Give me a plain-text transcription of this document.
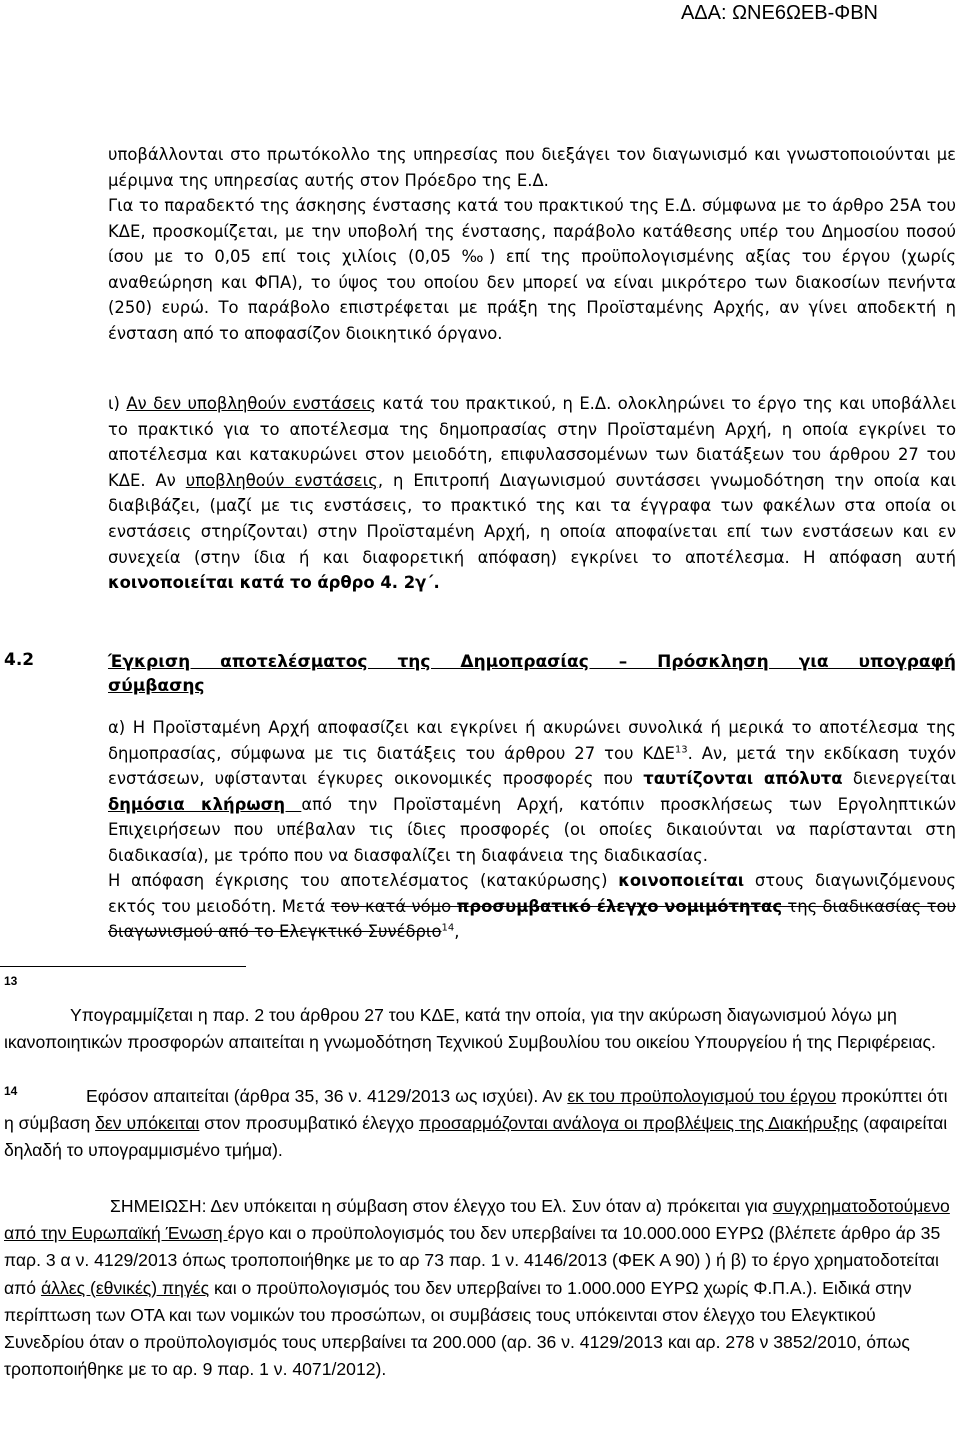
ΑΔΑ: ΩΝΕ6ΩΕΒ-ΦΒΝ

υποβάλλονται στο πρωτόκολλο της υπηρεσίας που διεξάγει τον διαγωνισμό και γνωστοποιούνται με μέριμνα της υπηρεσίας αυτής στον Πρόεδρο της Ε.Δ.

Για το παραδεκτό της άσκησης ένστασης κατά του πρακτικού της Ε.Δ. σύμφωνα με το άρθρο 25Α του ΚΔΕ, προσκομίζεται, με την υποβολή της ένστασης, παράβολο κατάθεσης υπέρ του Δημοσίου ποσού ίσου με το 0,05 επί τοις χιλίοις (0,05 ‰) επί της προϋπολογισμένης αξίας του έργου (χωρίς αναθεώρηση και ΦΠΑ), το ύψος του οποίου δεν μπορεί να είναι μικρότερο των διακοσίων πενήντα (250) ευρώ. Το παράβολο επιστρέφεται με πράξη της Προϊσταμένης Αρχής, αν γίνει αποδεκτή η ένσταση από το αποφασίζον διοικητικό όργανο.

ι) Αν δεν υποβληθούν ενστάσεις κατά του πρακτικού, η Ε.Δ. ολοκληρώνει το έργο της και υποβάλλει το πρακτικό για το αποτέλεσμα της δημοπρασίας στην Προϊσταμένη Αρχή, η οποία εγκρίνει το αποτέλεσμα και κατακυρώνει στον μειοδότη, επιφυλασσομένων των διατάξεων του άρθρου 27 του ΚΔΕ. Αν υποβληθούν ενστάσεις, η Επιτροπή Διαγωνισμού συντάσσει γνωμοδότηση την οποία και διαβιβάζει, (μαζί με τις ενστάσεις, το πρακτικό της και τα έγγραφα των φακέλων στα οποία οι ενστάσεις στηρίζονται) στην Προϊσταμένη Αρχή, η οποία αποφαίνεται επί των ενστάσεων και εν συνεχεία (στην ίδια ή και διαφορετική απόφαση) εγκρίνει το αποτέλεσμα. Η απόφαση αυτή κοινοποιείται κατά το άρθρο 4. 2γ΄.

4.2	Έγκριση αποτελέσματος της Δημοπρασίας – Πρόσκληση για υπογραφή
σύμβασης

α) Η Προϊσταμένη Αρχή αποφασίζει και εγκρίνει ή ακυρώνει συνολικά ή μερικά το αποτέλεσμα της δημοπρασίας, σύμφωνα με τις διατάξεις του άρθρου 27 του ΚΔΕ$^{13}$. Αν, μετά την εκδίκαση τυχόν ενστάσεων, υφίστανται έγκυρες οικονομικές προσφορές που ταυτίζονται απόλυτα διενεργείται δημόσια κλήρωση από την Προϊσταμένη Αρχή, κατόπιν προσκλήσεως των Εργοληπτικών Επιχειρήσεων που υπέβαλαν τις ίδιες προσφορές (οι οποίες δικαιούνται να παρίστανται στη διαδικασία), με τρόπο που να διασφαλίζει τη διαφάνεια της διαδικασίας.

Η απόφαση έγκρισης του αποτελέσματος (κατακύρωσης) κοινοποιείται στους διαγωνιζόμενους εκτός του μειοδότη. Μετά τον κατά νόμο προσυμβατικό έλεγχο νομιμότητας της διαδικασίας του διαγωνισμού από το Ελεγκτικό Συνέδριο$^{14}$,

13

Υπογραμμίζεται η παρ. 2 του άρθρου 27 του ΚΔΕ, κατά την οποία, για την ακύρωση διαγωνισμού λόγω μη ικανοποιητικών προσφορών απαιτείται η γνωμοδότηση Τεχνικού Συμβουλίου του οικείου Υπουργείου ή της Περιφέρειας.

14	Εφόσον απαιτείται (άρθρα 35, 36 ν. 4129/2013 ως ισχύει). Αν εκ του προϋπολογισμού του έργου προκύπτει ότι η σύμβαση δεν υπόκειται στον προσυμβατικό έλεγχο προσαρμόζονται ανάλογα οι προβλέψεις της Διακήρυξης (αφαιρείται δηλαδή το υπογραμμισμένο τμήμα).

ΣΗΜΕΙΩΣΗ: Δεν υπόκειται η σύμβαση στον έλεγχο του Ελ. Συν όταν α) πρόκειται για συγχρηματοδοτούμενο από την Ευρωπαϊκή Ένωση έργο και ο προϋπολογισμός του δεν υπερβαίνει τα 10.000.000 ΕΥΡΩ (βλέπετε άρθρο άρ 35 παρ. 3 α ν. 4129/2013 όπως τροποποιήθηκε με το αρ 73 παρ. 1 ν. 4146/2013 (ΦΕΚ Α 90) ) ή β) το έργο χρηματοδοτείται από άλλες (εθνικές) πηγές και ο προϋπολογισμός του δεν υπερβαίνει το 1.000.000 ΕΥΡΩ χωρίς Φ.Π.Α.). Ειδικά στην περίπτωση των ΟΤΑ και των νομικών του προσώπων, οι συμβάσεις τους υπόκεινται στον έλεγχο του Ελεγκτικού Συνεδρίου όταν ο προϋπολογισμός τους υπερβαίνει τα 200.000 (αρ. 36 ν. 4129/2013 και αρ. 278 ν 3852/2010, όπως τροποποιήθηκε με το αρ. 9 παρ. 1 ν. 4071/2012).
